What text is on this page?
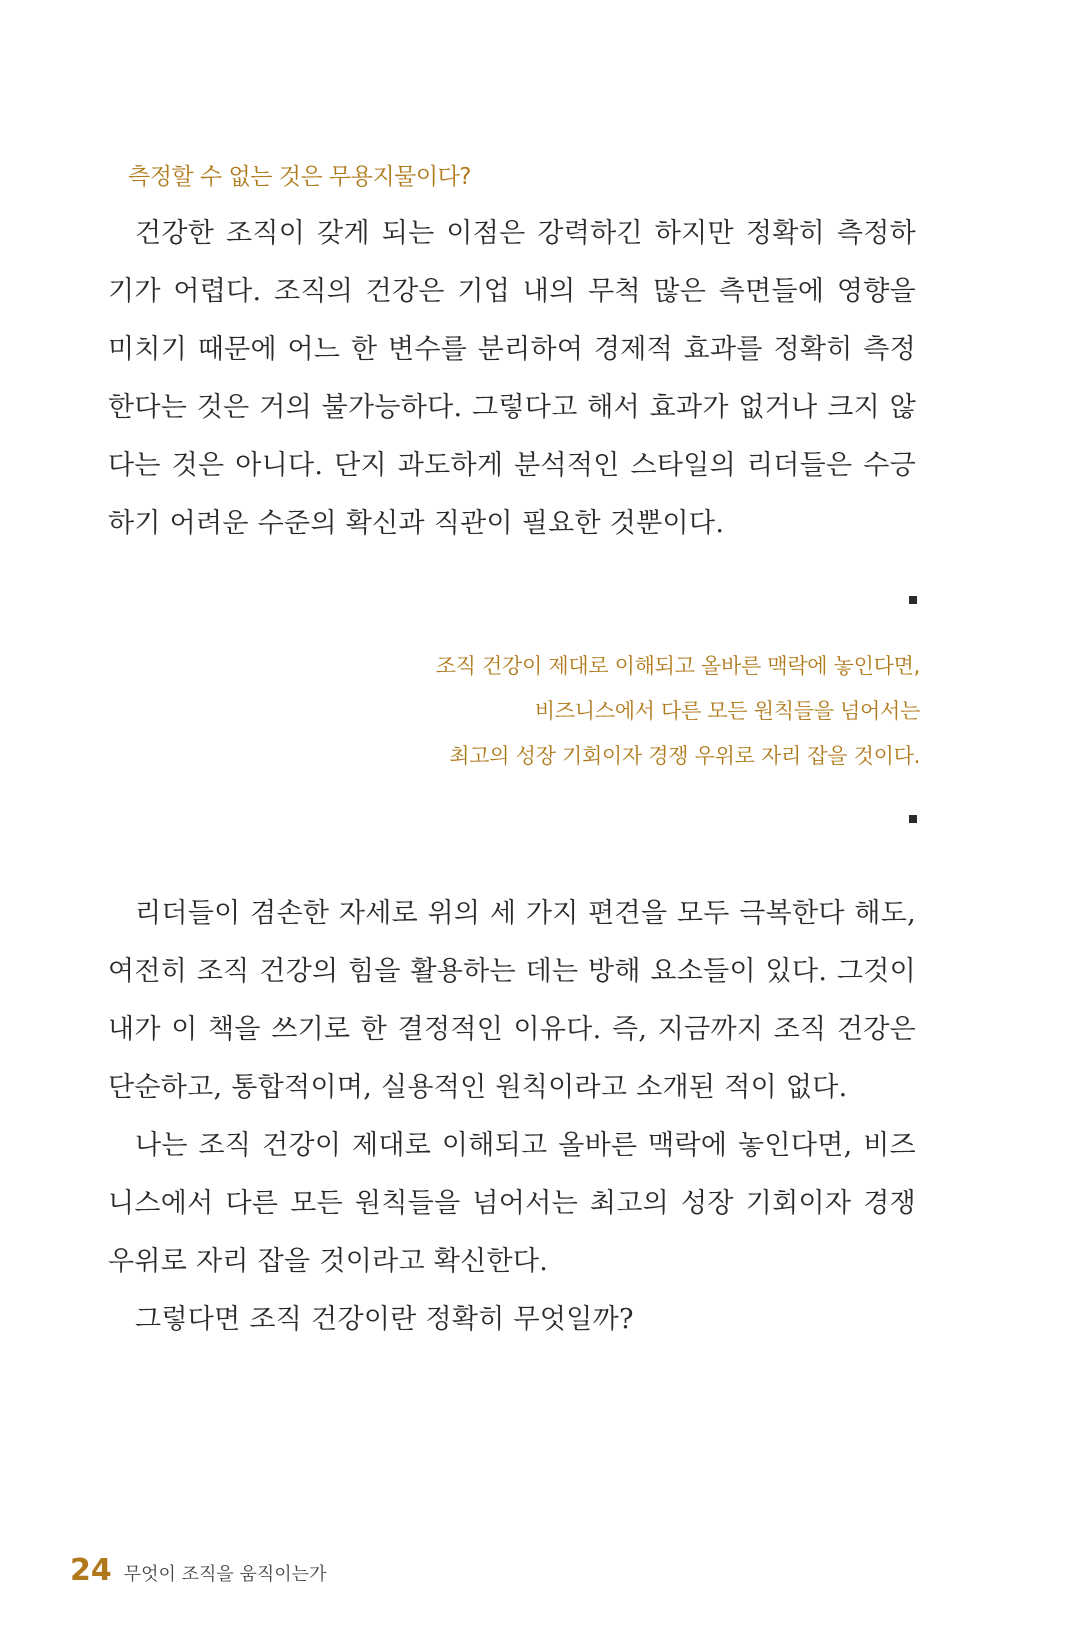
측정할 수 없는 것은 무용지물이다?

건강한 조직이 갖게 되는 이점은 강력하긴 하지만 정확히 측정하기가 어렵다. 조직의 건강은 기업 내의 무척 많은 측면들에 영향을 미치기 때문에 어느 한 변수를 분리하여 경제적 효과를 정확히 측정한다는 것은 거의 불가능하다. 그렇다고 해서 효과가 없거나 크지 않다는 것은 아니다. 단지 과도하게 분석적인 스타일의 리더들은 수긍하기 어려운 수준의 확신과 직관이 필요한 것뿐이다.

조직 건강이 제대로 이해되고 올바른 맥락에 놓인다면,
비즈니스에서 다른 모든 원칙들을 넘어서는
최고의 성장 기회이자 경쟁 우위로 자리 잡을 것이다.

리더들이 겸손한 자세로 위의 세 가지 편견을 모두 극복한다 해도, 여전히 조직 건강의 힘을 활용하는 데는 방해 요소들이 있다. 그것이 내가 이 책을 쓰기로 한 결정적인 이유다. 즉, 지금까지 조직 건강은 단순하고, 통합적이며, 실용적인 원칙이라고 소개된 적이 없다.

나는 조직 건강이 제대로 이해되고 올바른 맥락에 놓인다면, 비즈니스에서 다른 모든 원칙들을 넘어서는 최고의 성장 기회이자 경쟁 우위로 자리 잡을 것이라고 확신한다.

그렇다면 조직 건강이란 정확히 무엇일까?

24 무엇이 조직을 움직이는가
